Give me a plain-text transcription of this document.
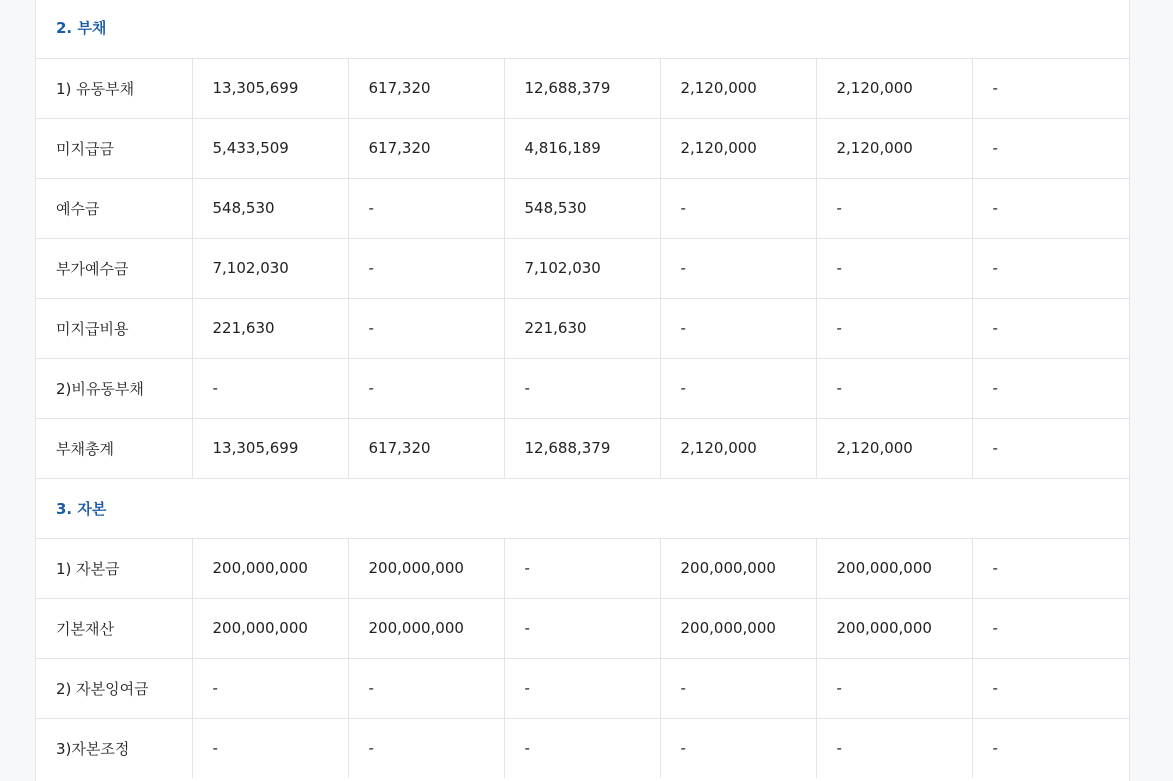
2. 부채						
1) 유동부채	13,305,699	617,320	12,688,379	2,120,000	2,120,000	-
미지급금	5,433,509	617,320	4,816,189	2,120,000	2,120,000	-
예수금	548,530	-	548,530	-	-	-
부가예수금	7,102,030	-	7,102,030	-	-	-
미지급비용	221,630	-	221,630	-	-	-
2)비유동부채	-	-	-	-	-	-
부채총계	13,305,699	617,320	12,688,379	2,120,000	2,120,000	-
3. 자본						
1) 자본금	200,000,000	200,000,000	-	200,000,000	200,000,000	-
기본재산	200,000,000	200,000,000	-	200,000,000	200,000,000	-
2) 자본잉여금	-	-	-	-	-	-
3)자본조정	-	-	-	-	-	-
